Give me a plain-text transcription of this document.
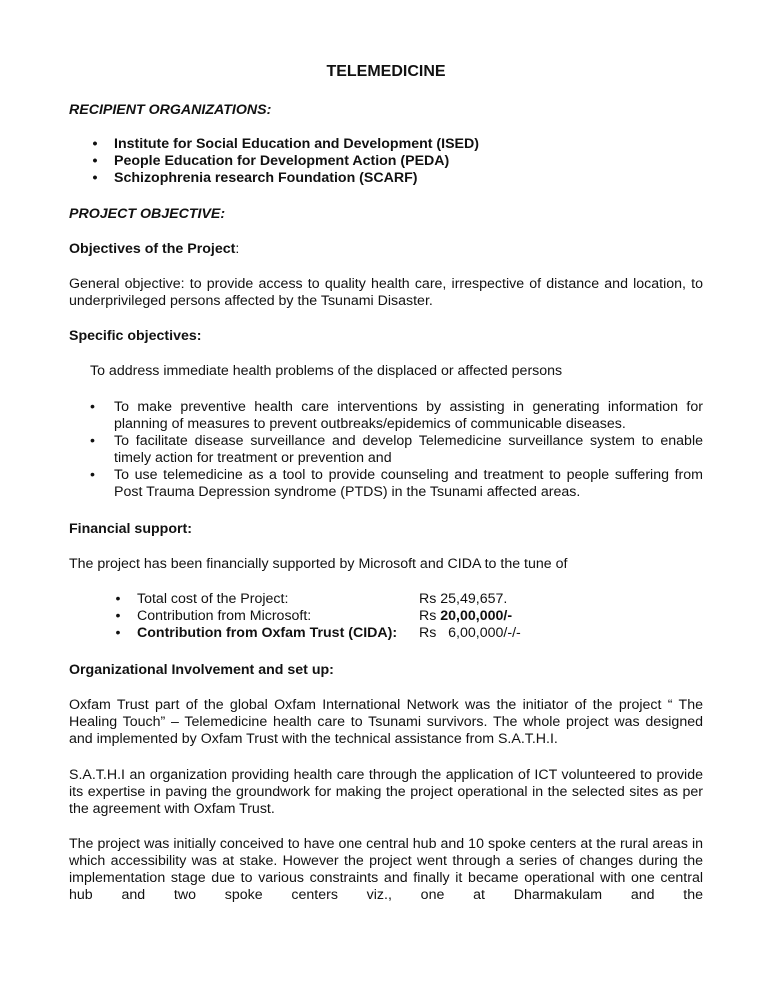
TELEMEDICINE
RECIPIENT ORGANIZATIONS:
• Institute for Social Education and Development (ISED)
• People Education for Development Action (PEDA)
• Schizophrenia research Foundation (SCARF)
PROJECT OBJECTIVE:
Objectives of the Project:
General objective: to provide access to quality health care, irrespective of distance and location, to underprivileged persons affected by the Tsunami Disaster.
Specific objectives:
To address immediate health problems of the displaced or affected persons
•	To make preventive health care interventions by assisting in generating information for planning of measures to prevent outbreaks/epidemics of communicable diseases.
•	To facilitate disease surveillance and develop Telemedicine surveillance system to enable timely action for treatment or prevention and
•	To use telemedicine as a tool to provide counseling and treatment to people suffering from Post Trauma Depression syndrome (PTDS) in the Tsunami affected areas.
Financial support:
The project has been financially supported by Microsoft and CIDA to the tune of
• Total cost of the Project:	Rs 25,49,657.
• Contribution from Microsoft:	Rs 20,00,000/-
• Contribution from Oxfam Trust (CIDA):	Rs 6,00,000/-/-
Organizational Involvement and set up:
Oxfam Trust part of the global Oxfam International Network was the initiator of the project “ The Healing Touch” – Telemedicine health care to Tsunami survivors. The whole project was designed and implemented by Oxfam Trust with the technical assistance from S.A.T.H.I.
S.A.T.H.I an organization providing health care through the application of ICT volunteered to provide its expertise in paving the groundwork for making the project operational in the selected sites as per the agreement with Oxfam Trust.
The project was initially conceived to have one central hub and 10 spoke centers at the rural areas in which accessibility was at stake. However the project went through a series of changes during the implementation stage due to various constraints and finally it became operational with one central hub and two spoke centers viz., one at Dharmakulam and the
